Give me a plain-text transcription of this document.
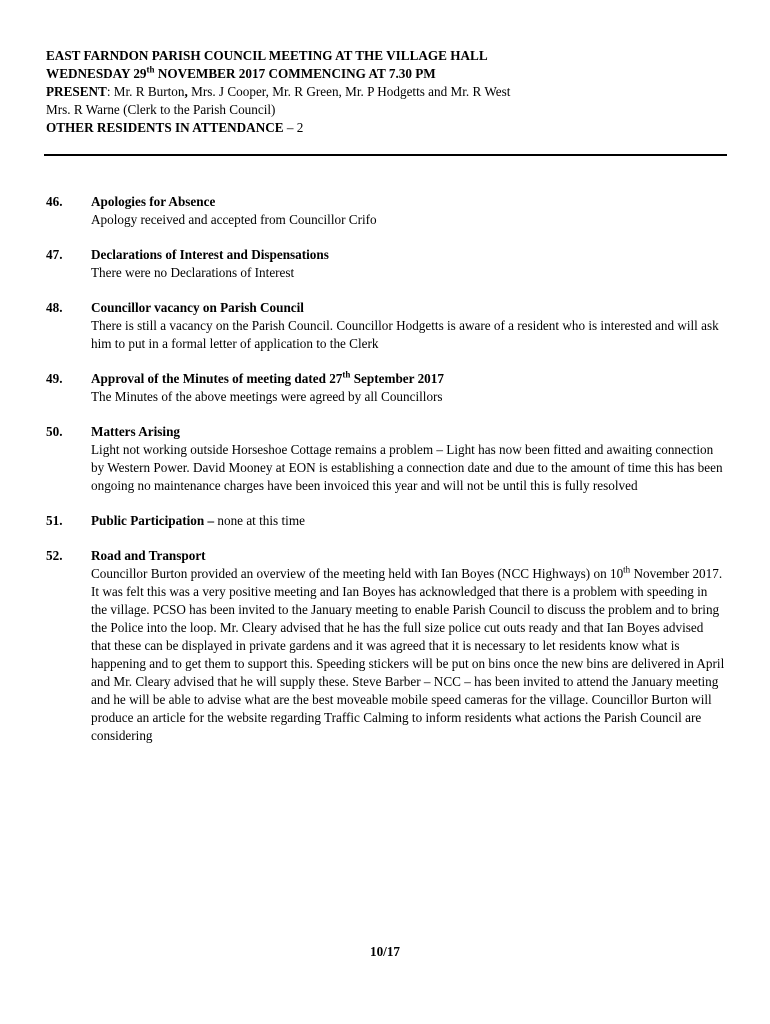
EAST FARNDON PARISH COUNCIL MEETING AT THE VILLAGE HALL
WEDNESDAY 29th NOVEMBER 2017 COMMENCING AT 7.30 PM
PRESENT: Mr. R Burton, Mrs. J Cooper, Mr. R Green, Mr. P Hodgetts and Mr. R West
Mrs. R Warne (Clerk to the Parish Council)
OTHER RESIDENTS IN ATTENDANCE – 2
46. Apologies for Absence
Apology received and accepted from Councillor Crifo
47. Declarations of Interest and Dispensations
There were no Declarations of Interest
48. Councillor vacancy on Parish Council
There is still a vacancy on the Parish Council. Councillor Hodgetts is aware of a resident who is interested and will ask him to put in a formal letter of application to the Clerk
49. Approval of the Minutes of meeting dated 27th September 2017
The Minutes of the above meetings were agreed by all Councillors
50. Matters Arising
Light not working outside Horseshoe Cottage remains a problem – Light has now been fitted and awaiting connection by Western Power. David Mooney at EON is establishing a connection date and due to the amount of time this has been ongoing no maintenance charges have been invoiced this year and will not be until this is fully resolved
51. Public Participation – none at this time
52. Road and Transport
Councillor Burton provided an overview of the meeting held with Ian Boyes (NCC Highways) on 10th November 2017. It was felt this was a very positive meeting and Ian Boyes has acknowledged that there is a problem with speeding in the village. PCSO has been invited to the January meeting to enable Parish Council to discuss the problem and to bring the Police into the loop. Mr. Cleary advised that he has the full size police cut outs ready and that Ian Boyes advised that these can be displayed in private gardens and it was agreed that it is necessary to let residents know what is happening and to get them to support this. Speeding stickers will be put on bins once the new bins are delivered in April and Mr. Cleary advised that he will supply these. Steve Barber – NCC – has been invited to attend the January meeting and he will be able to advise what are the best moveable mobile speed cameras for the village. Councillor Burton will produce an article for the website regarding Traffic Calming to inform residents what actions the Parish Council are considering
10/17
